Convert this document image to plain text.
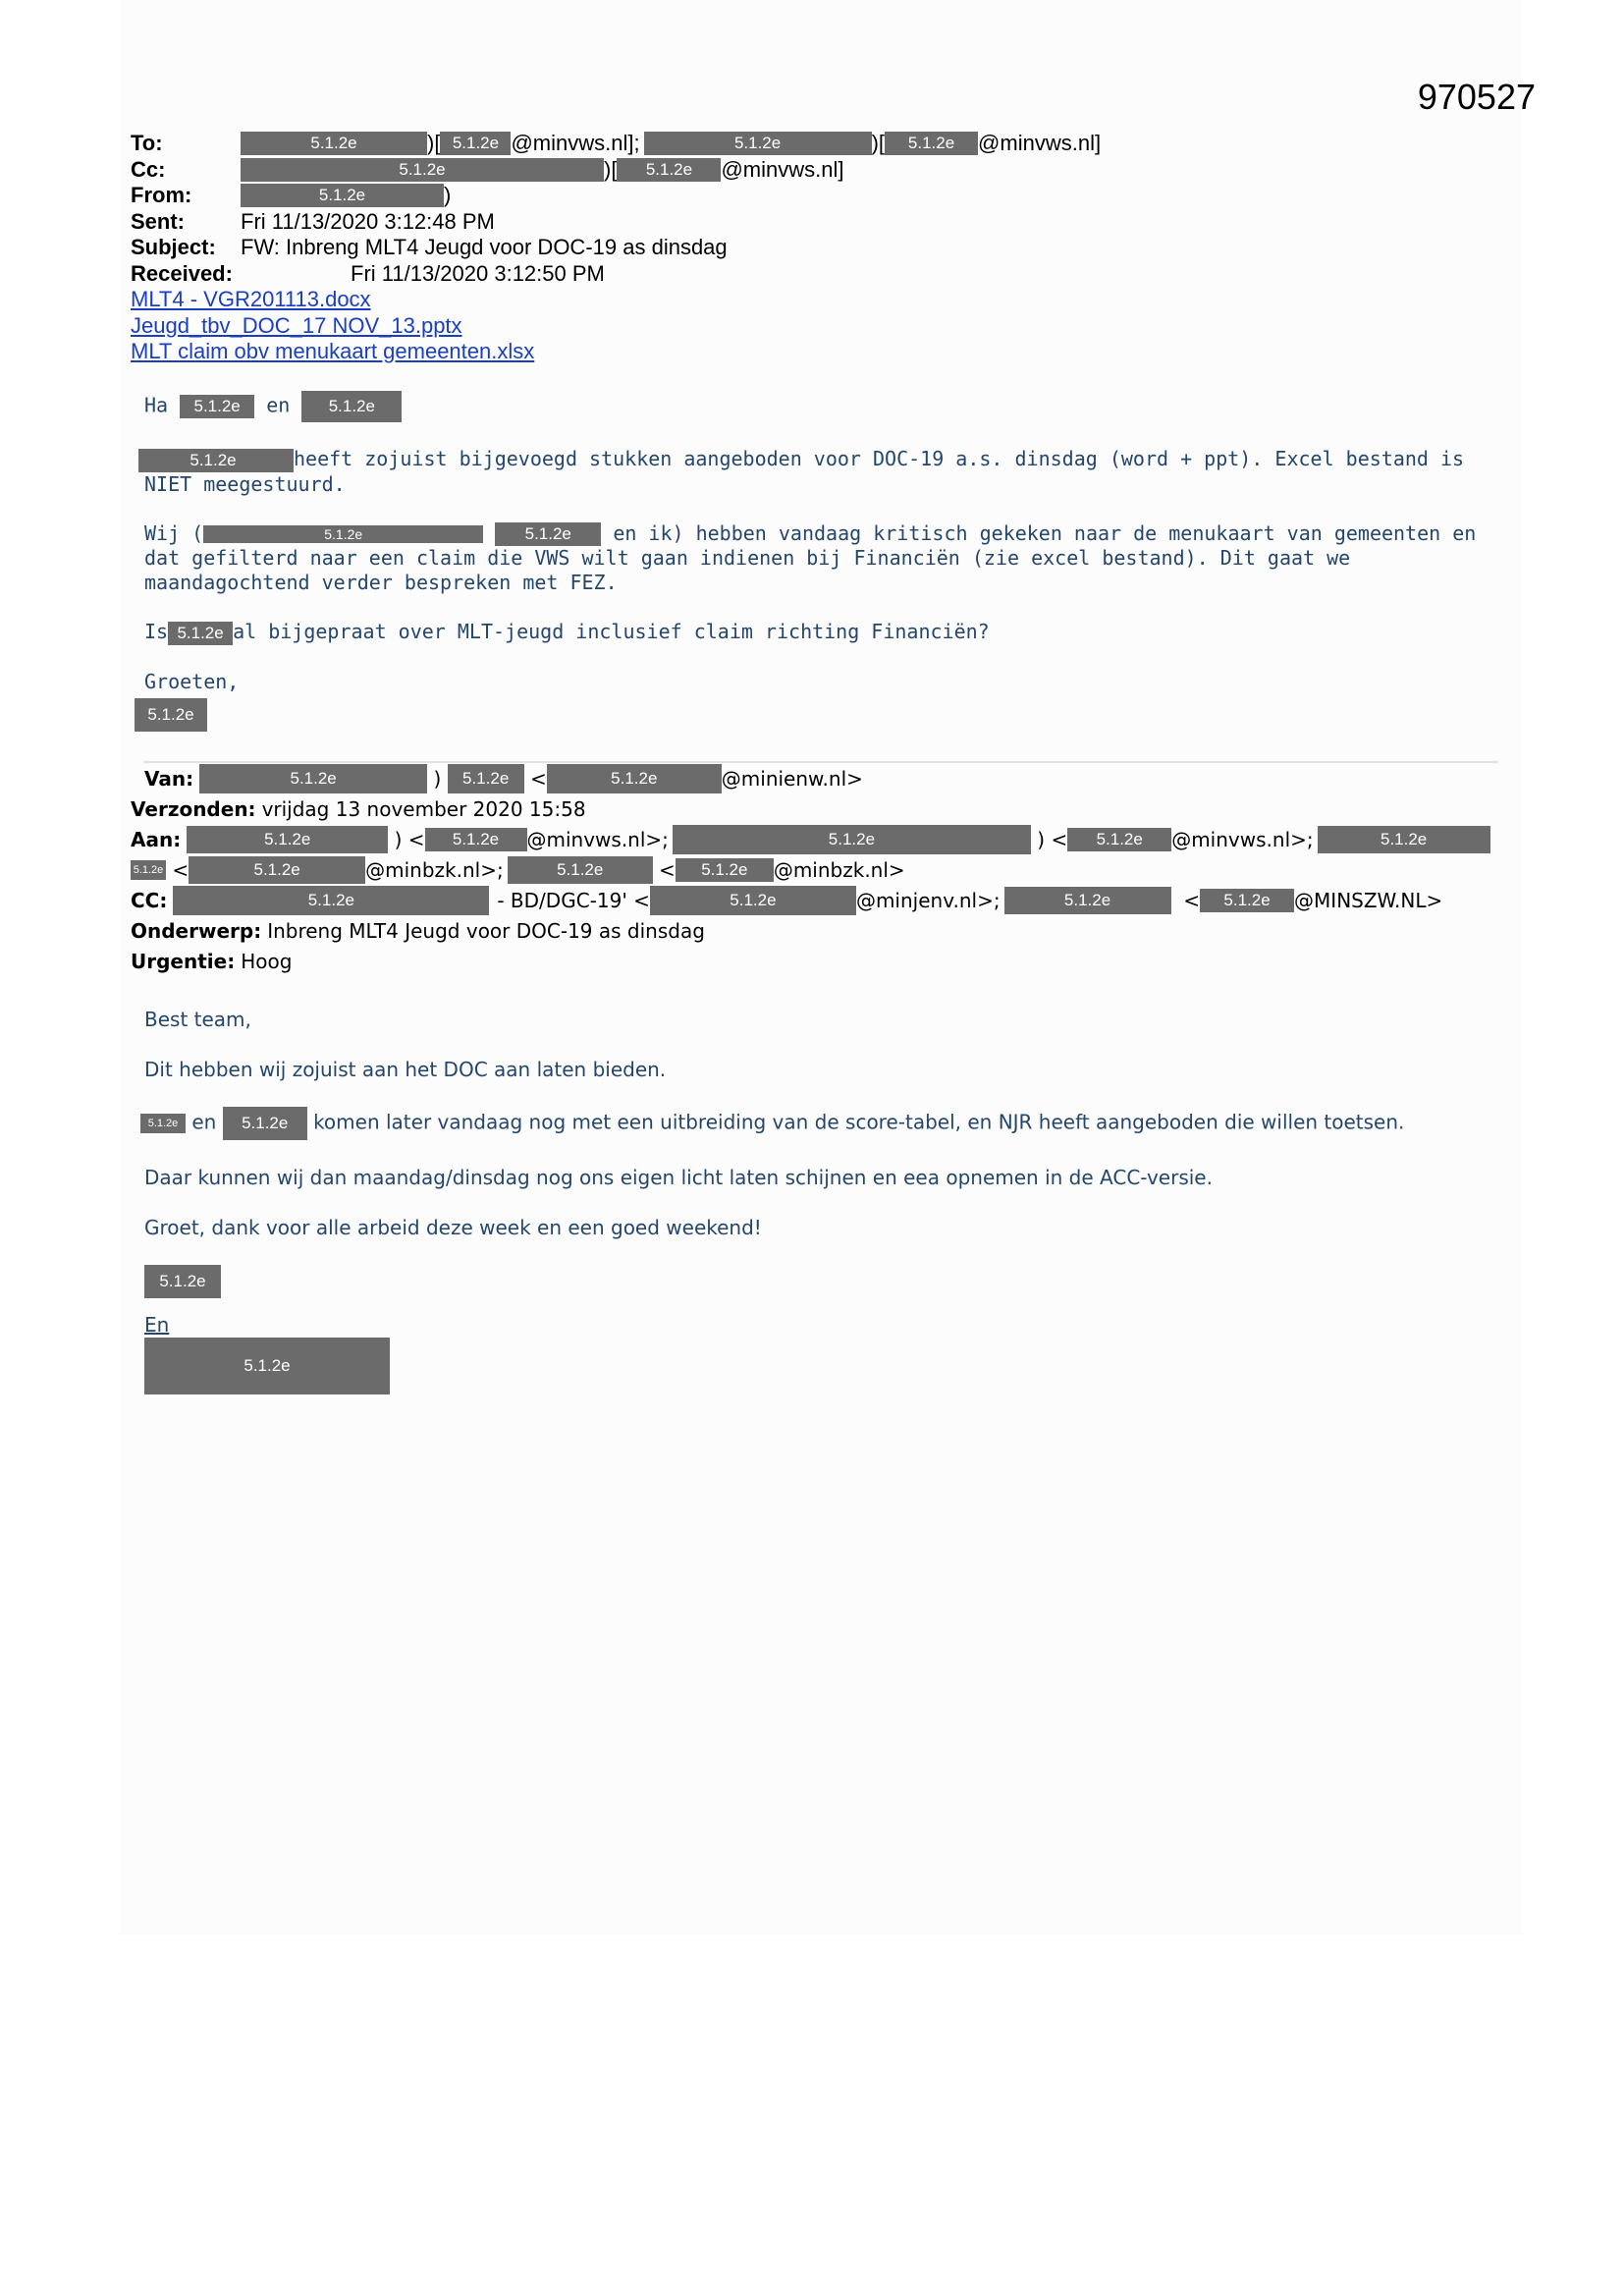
970527
To:	5.1.2e	)[ 5.1.2e @minvws.nl];	5.1.2e	)[	5.1.2e	@minvws.nl]
Cc:	5.1.2e	)[	5.1.2e	@minvws.nl]
From:	5.1.2e	)
Sent:	Fri 11/13/2020 3:12:48 PM
Subject:	FW: Inbreng MLT4 Jeugd voor DOC-19 as dinsdag
Received:	Fri 11/13/2020 3:12:50 PM
MLT4 - VGR201113.docx
Jeugd_tbv_DOC_17 NOV_13.pptx
MLT claim obv menukaart gemeenten.xlsx

Ha 5.1.2e en 5.1.2e

5.1.2e	heeft zojuist bijgevoegd stukken aangeboden voor DOC-19 a.s. dinsdag (word + ppt). Excel bestand is NIET meegestuurd.

Wij (	5.1.2e	5.1.2e en ik) hebben vandaag kritisch gekeken naar de menukaart van gemeenten en dat gefilterd naar een claim die VWS wilt gaan indienen bij Financiën (zie excel bestand). Dit gaat we maandagochtend verder bespreken met FEZ.

Is 5.1.2e al bijgepraat over MLT-jeugd inclusief claim richting Financiën?

Groeten,

5.1.2e

Van:	5.1.2e	) 5.1.2e <	5.1.2e	@minienw.nl>
Verzonden: vrijdag 13 november 2020 15:58
Aan:	5.1.2e	) <	5.1.2e	@minvws.nl>;	5.1.2e	) <	5.1.2e	@minvws.nl>;	5.1.2e
5.1.2e <	5.1.2e	@minbzk.nl>;	5.1.2e	<	5.1.2e	@minbzk.nl>
CC:	5.1.2e	- BD/DGC-19' <	5.1.2e	@minjenv.nl>;	5.1.2e	<	5.1.2e	@MINSZW.NL>
Onderwerp: Inbreng MLT4 Jeugd voor DOC-19 as dinsdag
Urgentie: Hoog

Best team,

Dit hebben wij zojuist aan het DOC aan laten bieden.

5.1.2e en 5.1.2e komen later vandaag nog met een uitbreiding van de score-tabel, en NJR heeft aangeboden die willen toetsen.

Daar kunnen wij dan maandag/dinsdag nog ons eigen licht laten schijnen en eea opnemen in de ACC-versie.

Groet, dank voor alle arbeid deze week en een goed weekend!

5.1.2e

En

5.1.2e
